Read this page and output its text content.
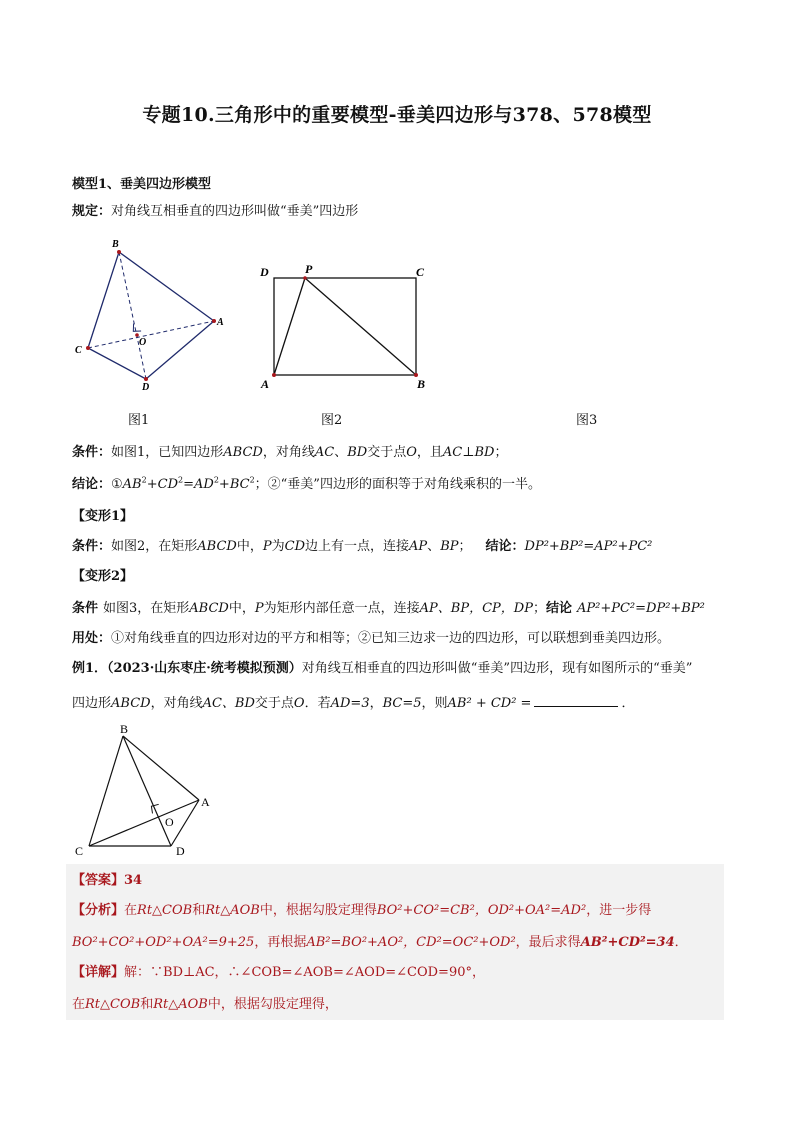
专题10.三角形中的重要模型-垂美四边形与378、578模型
模型1、垂美四边形模型
规定：对角线互相垂直的四边形叫做“垂美”四边形
B
A
C
D
O
D	P	C
A	B
图1	图2	图3
条件：如图1，已知四边形ABCD，对角线AC、BD交于点O，且AC⊥BD；
结论：$①AB^2+CD^2=AD^2+BC^2$；②“垂美”四边形的面积等于对角线乘积的一半。
【变形1】
条件：如图2，在矩形ABCD中，P为CD边上有一点，连接AP、BP； 结论：DP²+BP²=AP²+PC²
【变形2】
条件 如图3，在矩形ABCD中，P为矩形内部任意一点，连接AP、BP，CP，DP；结论 AP²+PC²=DP²+BP²
用处：①对角线垂直的四边形对边的平方和相等；②已知三边求一边的四边形，可以联想到垂美四边形。
例1．（2023·山东枣庄·统考模拟预测）对角线互相垂直的四边形叫做“垂美”四边形，现有如图所示的“垂美”
四边形ABCD，对角线AC、BD交于点O．若AD=3，BC=5，则AB² + CD² =	．
B
A
O
C	D
【答案】34
【分析】在Rt△COB和Rt△AOB中，根据勾股定理得BO²+CO²=CB²，OD²+OA²=AD²，进一步得
BO²+CO²+OD²+OA²=9+25，再根据AB²=BO²+AO²，CD²=OC²+OD²，最后求得AB²+CD²=34．
【详解】解：∵BD⊥AC，∴∠COB=∠AOB=∠AOD=∠COD=90°，
在Rt△COB和Rt△AOB中，根据勾股定理得，
